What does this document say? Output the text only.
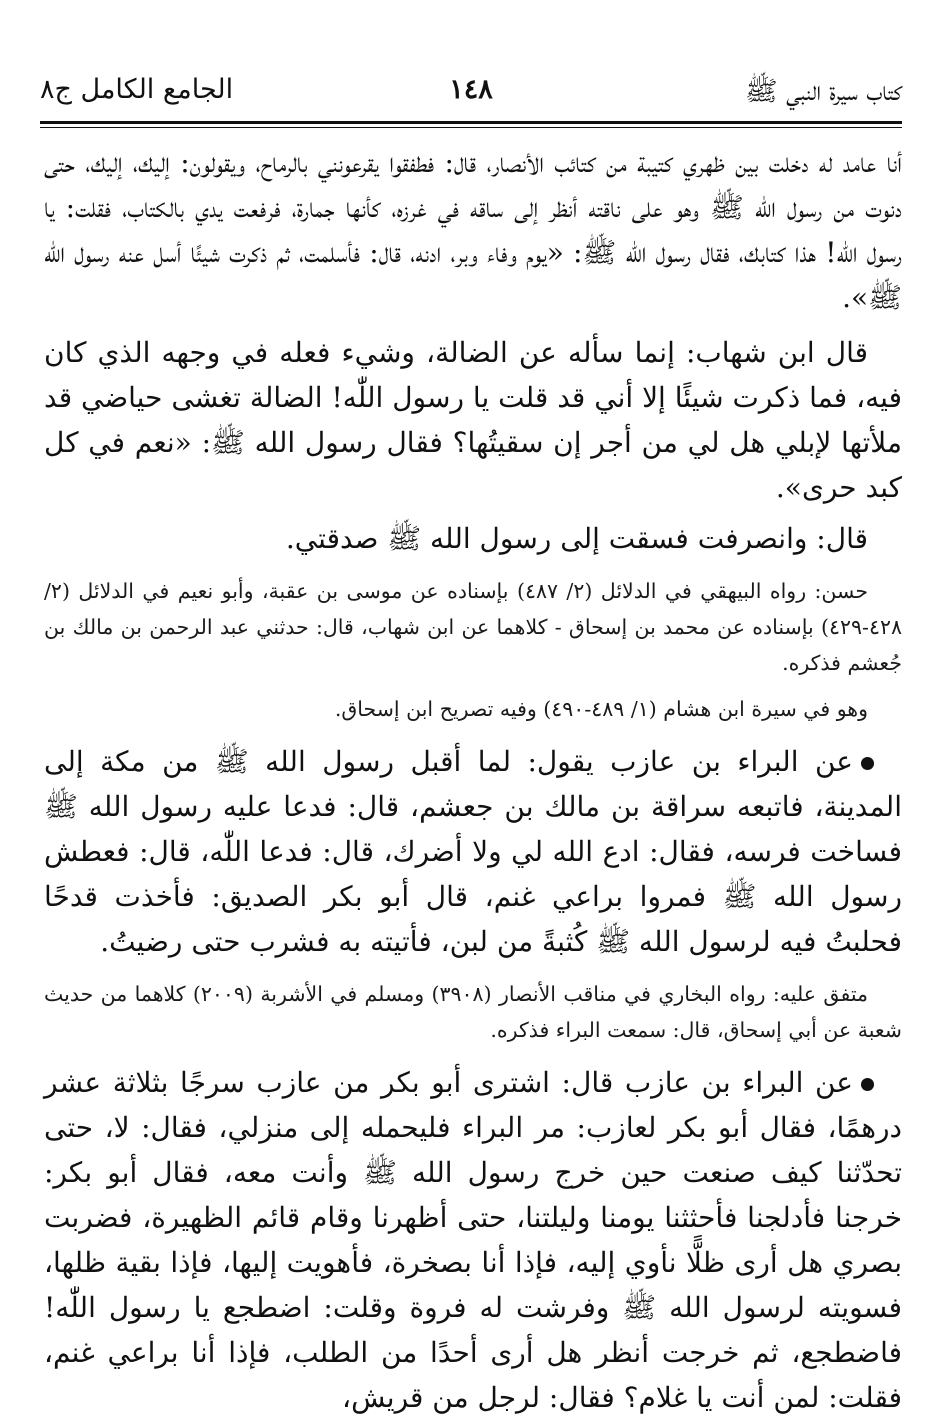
كتاب سيرة النبي ﷺ
١٤٨
الجامع الكامل ج٨

أنا عامد له دخلت بين ظهري كتيبة من كتائب الأنصار، قال: فطفقوا يقرعونني بالرماح، ويقولون: إليك، إليك، حتى دنوت من رسول الله ﷺ وهو على ناقته أنظر إلى ساقه في غرزه، كأنها جمارة، فرفعت يدي بالكتاب، فقلت: يا رسول اللّٰه! هذا كتابك، فقال رسول الله ﷺ: «يوم وفاء وبر، ادنه، قال: فأسلمت، ثم ذكرت شيئًا أسل عنه رسول الله ﷺ».

قال ابن شهاب: إنما سأله عن الضالة، وشيء فعله في وجهه الذي كان فيه، فما ذكرت شيئًا إلا أني قد قلت يا رسول اللّٰه! الضالة تغشى حياضي قد ملأتها لإبلي هل لي من أجر إن سقيتُها؟ فقال رسول الله ﷺ: «نعم في كل كبد حرى».

قال: وانصرفت فسقت إلى رسول الله ﷺ صدقتي.

حسن: رواه البيهقي في الدلائل (٢/ ٤٨٧) بإسناده عن موسى بن عقبة، وأبو نعيم في الدلائل (٢/ ٤٢٨-٤٢٩) بإسناده عن محمد بن إسحاق - كلاهما عن ابن شهاب، قال: حدثني عبد الرحمن بن مالك بن جُعشم فذكره.

وهو في سيرة ابن هشام (١/ ٤٨٩-٤٩٠) وفيه تصريح ابن إسحاق.

عن البراء بن عازب يقول: لما أقبل رسول الله ﷺ من مكة إلى المدينة، فاتبعه سراقة بن مالك بن جعشم، قال: فدعا عليه رسول الله ﷺ فساخت فرسه، فقال: ادع الله لي ولا أضرك، قال: فدعا اللّٰه، قال: فعطش رسول الله ﷺ فمروا براعي غنم، قال أبو بكر الصديق: فأخذت قدحًا فحلبتُ فيه لرسول الله ﷺ كُثبةً من لبن، فأتيته به فشرب حتى رضيتُ.

متفق عليه: رواه البخاري في مناقب الأنصار (٣٩٠٨) ومسلم في الأشربة (٢٠٠٩) كلاهما من حديث شعبة عن أبي إسحاق، قال: سمعت البراء فذكره.

عن البراء بن عازب قال: اشترى أبو بكر من عازب سرجًا بثلاثة عشر درهمًا، فقال أبو بكر لعازب: مر البراء فليحمله إلى منزلي، فقال: لا، حتى تحدّثنا كيف صنعت حين خرج رسول الله ﷺ وأنت معه، فقال أبو بكر: خرجنا فأدلجنا فأحثثنا يومنا وليلتنا، حتى أظهرنا وقام قائم الظهيرة، فضربت بصري هل أرى ظلًّا نأوي إليه، فإذا أنا بصخرة، فأهويت إليها، فإذا بقية ظلها، فسويته لرسول الله ﷺ وفرشت له فروة وقلت: اضطجع يا رسول اللّٰه! فاضطجع، ثم خرجت أنظر هل أرى أحدًا من الطلب، فإذا أنا براعي غنم، فقلت: لمن أنت يا غلام؟ فقال: لرجل من قريش،
